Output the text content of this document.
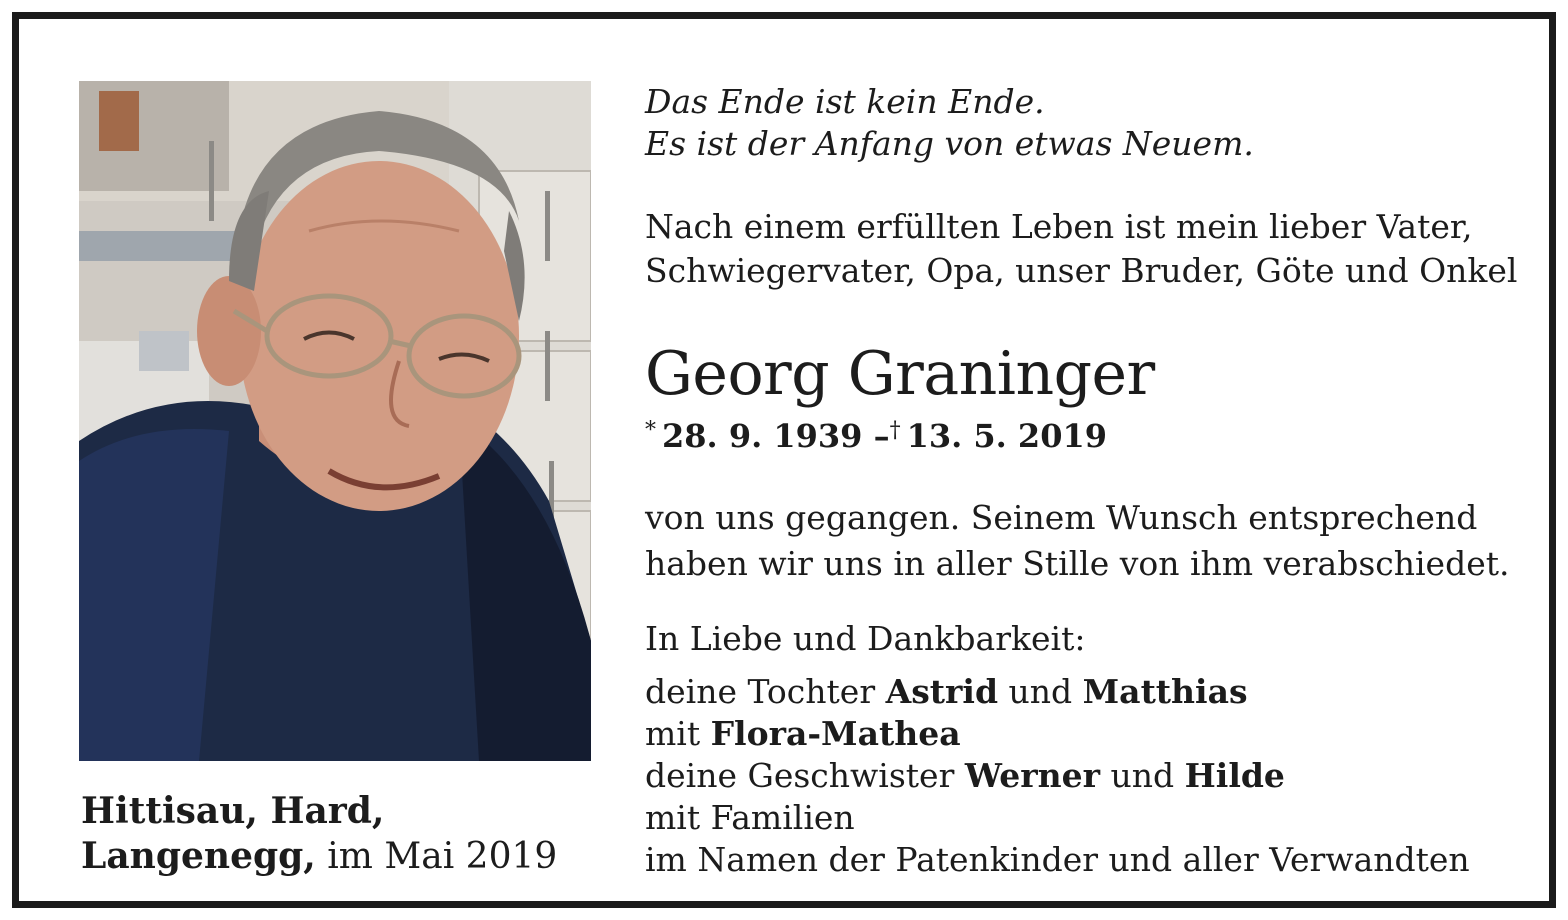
Hittisau, Hard,
Langenegg, im Mai 2019
Das Ende ist kein Ende.
Es ist der Anfang von etwas Neuem.
Nach einem erfüllten Leben ist mein lieber Vater,
Schwiegervater, Opa, unser Bruder, Göte und Onkel
Georg Graninger
* 28. 9. 1939 –† 13. 5. 2019
von uns gegangen. Seinem Wunsch entsprechend
haben wir uns in aller Stille von ihm verabschiedet.
In Liebe und Dankbarkeit:
deine Tochter Astrid und Matthias
mit Flora-Mathea
deine Geschwister Werner und Hilde
mit Familien
im Namen der Patenkinder und aller Verwandten
